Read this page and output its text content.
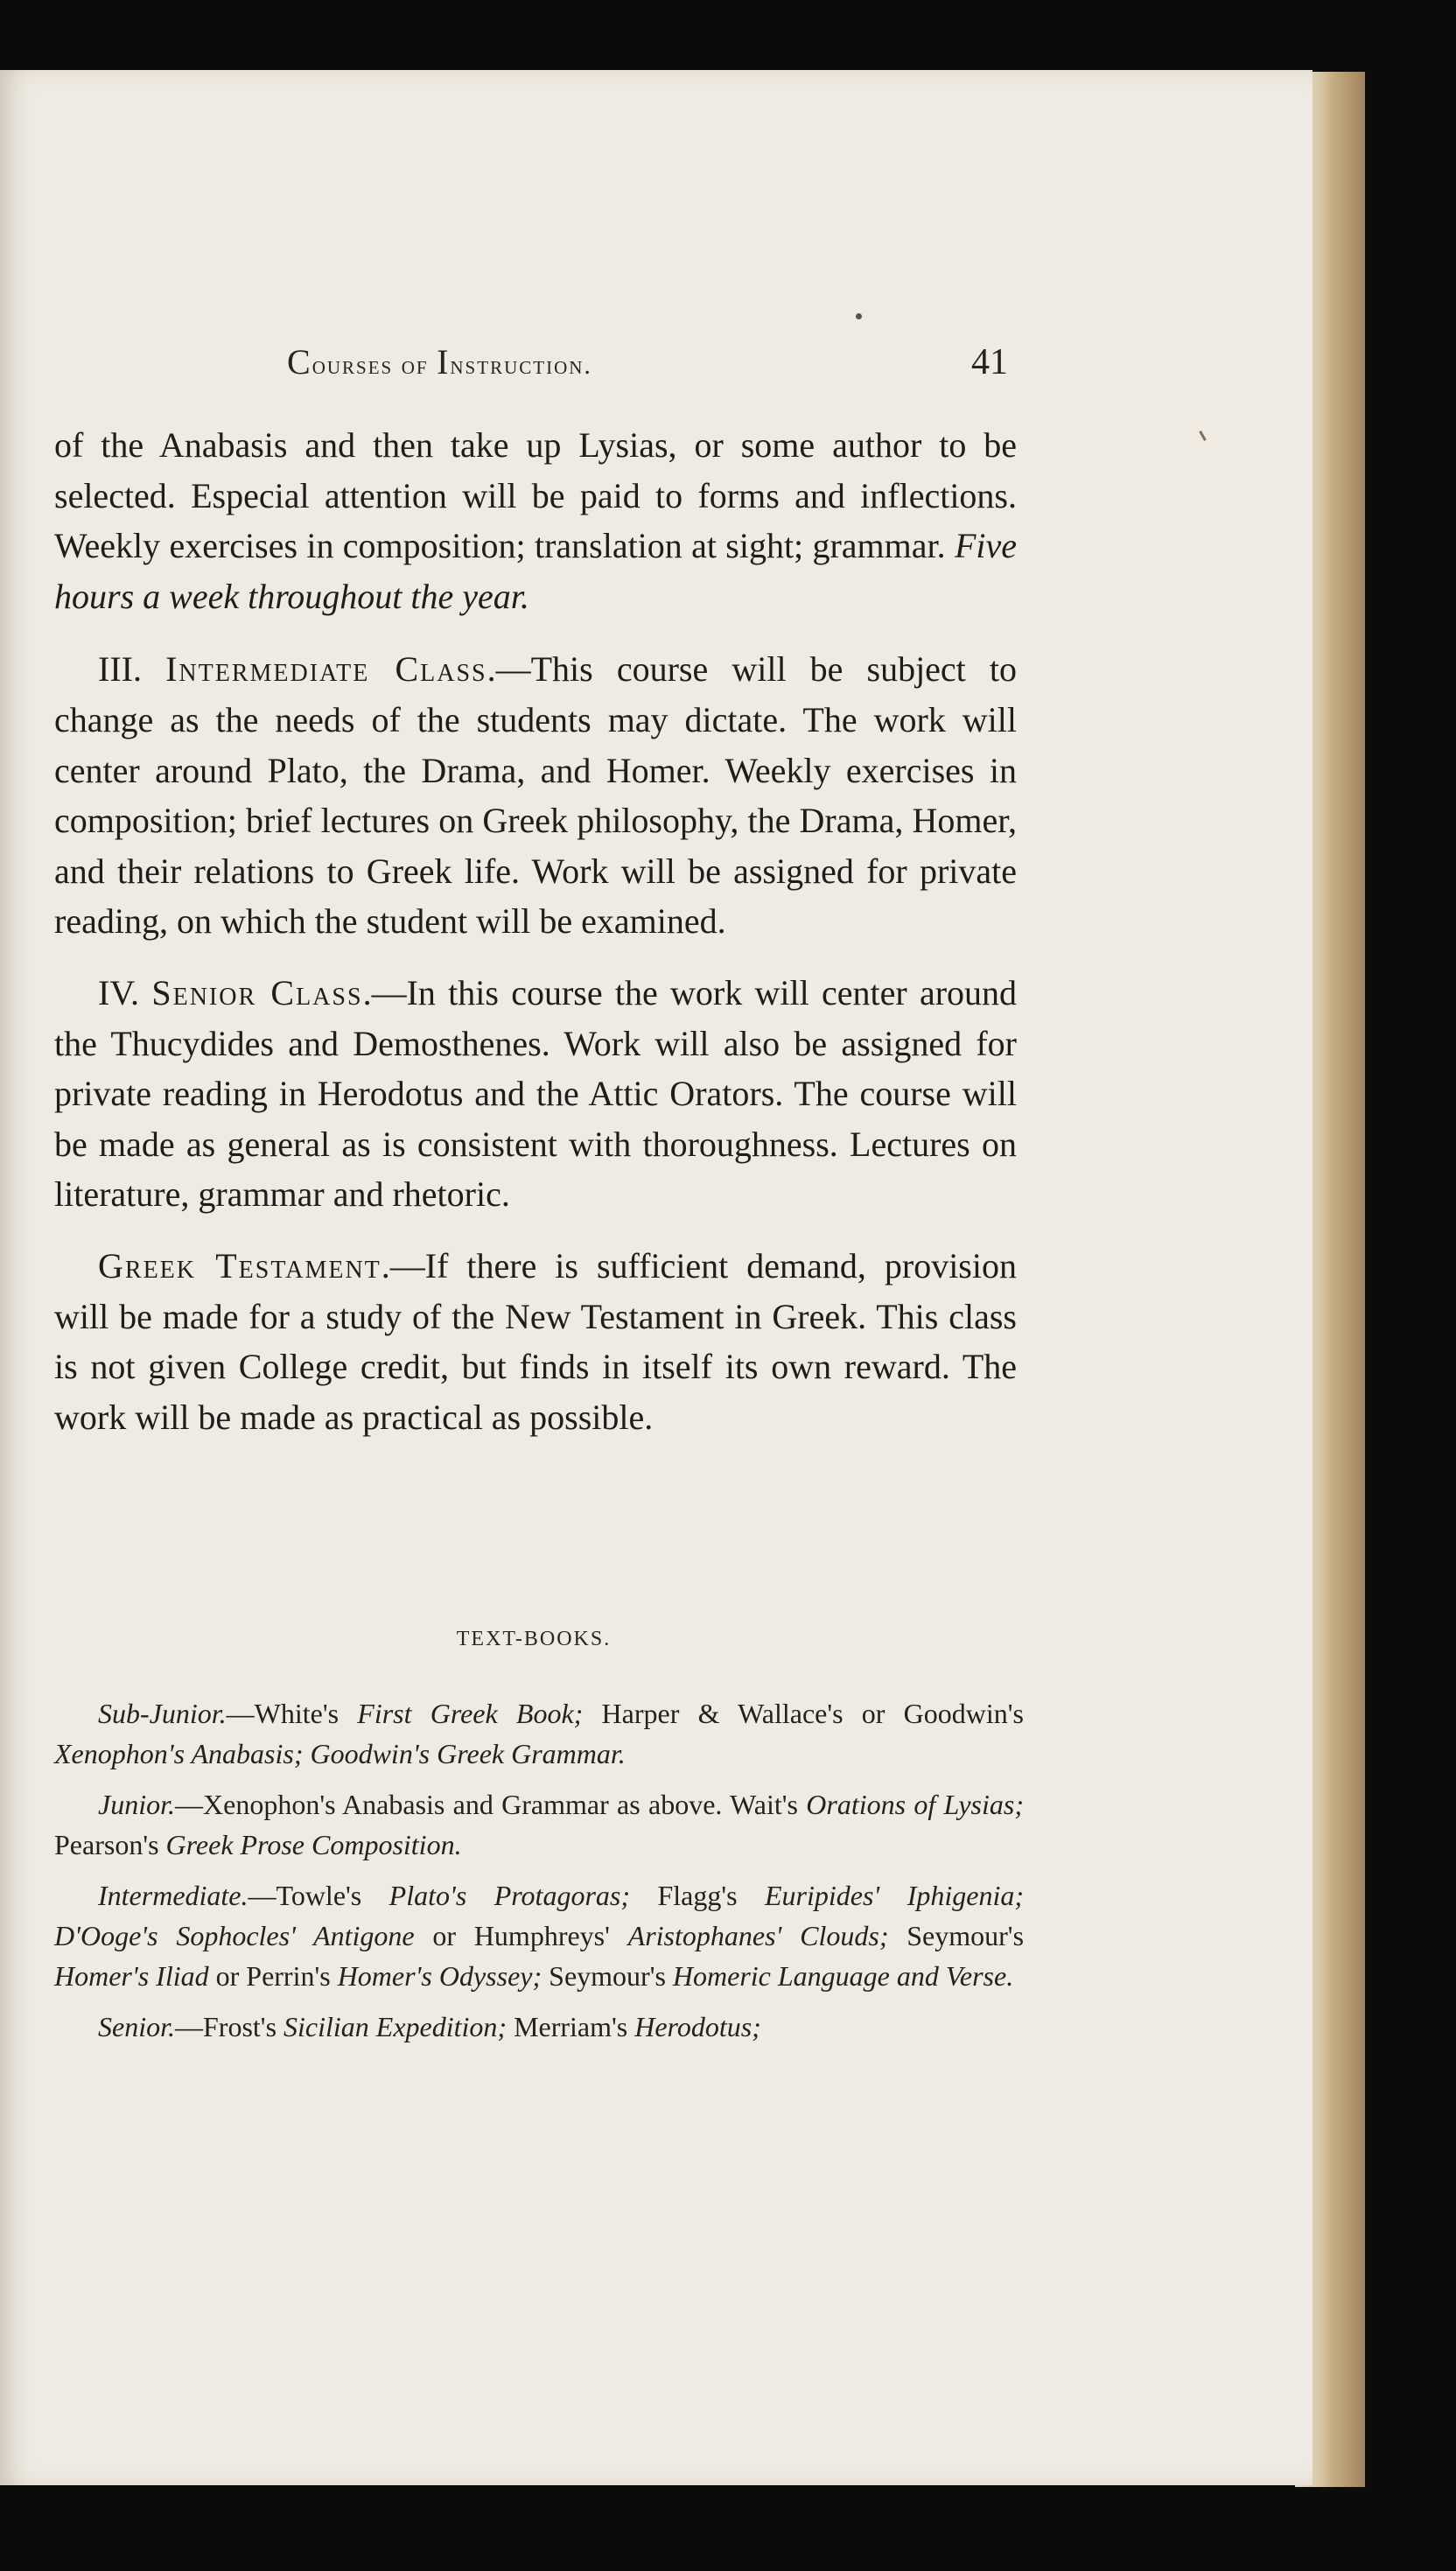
Courses of Instruction.	41

of the Anabasis and then take up Lysias, or some author to be selected. Especial attention will be paid to forms and inflections. Weekly exercises in composition; translation at sight; grammar. Five hours a week throughout the year.

III. Intermediate Class.—This course will be subject to change as the needs of the students may dictate. The work will center around Plato, the Drama, and Homer. Weekly exercises in composition; brief lectures on Greek philosophy, the Drama, Homer, and their relations to Greek life. Work will be assigned for private reading, on which the student will be examined.

IV. Senior Class.—In this course the work will center around the Thucydides and Demosthenes. Work will also be assigned for private reading in Herodotus and the Attic Orators. The course will be made as general as is consistent with thoroughness. Lectures on literature, grammar and rhetoric.

Greek Testament.—If there is sufficient demand, provision will be made for a study of the New Testament in Greek. This class is not given College credit, but finds in itself its own reward. The work will be made as practical as possible.

TEXT-BOOKS.

Sub-Junior.—White's First Greek Book; Harper & Wallace's or Goodwin's Xenophon's Anabasis; Goodwin's Greek Grammar.

Junior.—Xenophon's Anabasis and Grammar as above. Wait's Orations of Lysias; Pearson's Greek Prose Composition.

Intermediate.—Towle's Plato's Protagoras; Flagg's Euripides' Iphigenia; D'Ooge's Sophocles' Antigone or Humphreys' Aristophanes' Clouds; Seymour's Homer's Iliad or Perrin's Homer's Odyssey; Seymour's Homeric Language and Verse.

Senior.—Frost's Sicilian Expedition; Merriam's Herodotus;
